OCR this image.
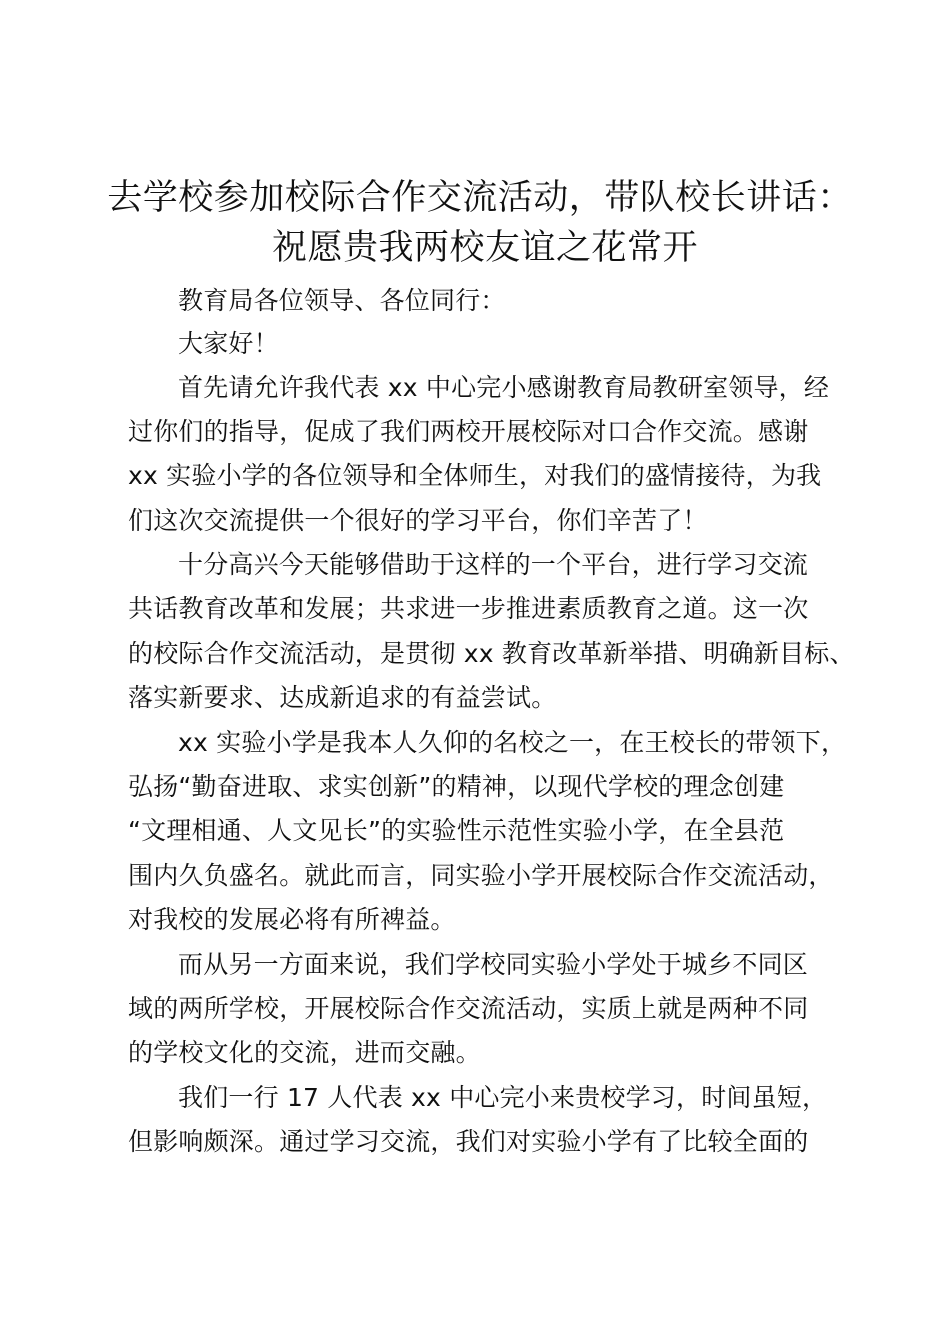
去学校参加校际合作交流活动，带队校长讲话：
祝愿贵我两校友谊之花常开
教育局各位领导、各位同行：
大家好！
首先请允许我代表 xx 中心完小感谢教育局教研室领导，经
过你们的指导，促成了我们两校开展校际对口合作交流。感谢
xx 实验小学的各位领导和全体师生，对我们的盛情接待，为我
们这次交流提供一个很好的学习平台，你们辛苦了！
十分高兴今天能够借助于这样的一个平台，进行学习交流
共话教育改革和发展；共求进一步推进素质教育之道。这一次
的校际合作交流活动，是贯彻 xx 教育改革新举措、明确新目标、
落实新要求、达成新追求的有益尝试。
xx 实验小学是我本人久仰的名校之一，在王校长的带领下，
弘扬“勤奋进取、求实创新”的精神，以现代学校的理念创建
“文理相通、人文见长”的实验性示范性实验小学，在全县范
围内久负盛名。就此而言，同实验小学开展校际合作交流活动，
对我校的发展必将有所裨益。
而从另一方面来说，我们学校同实验小学处于城乡不同区
域的两所学校，开展校际合作交流活动，实质上就是两种不同
的学校文化的交流，进而交融。
我们一行 17 人代表 xx 中心完小来贵校学习，时间虽短，
但影响颇深。通过学习交流，我们对实验小学有了比较全面的
